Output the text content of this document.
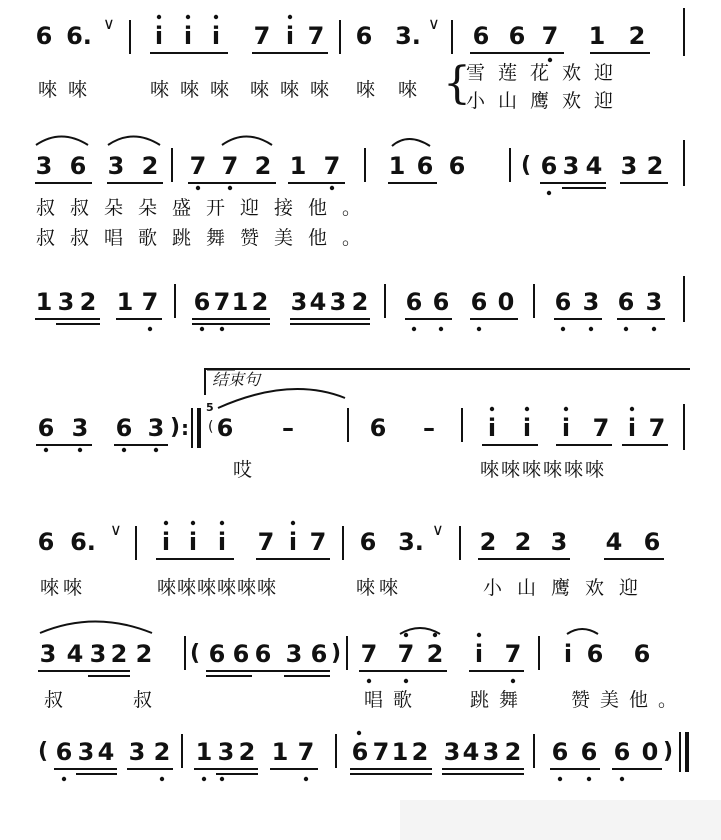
6 6. ∨ i i i 7 i 7 6 3. ∨ 6 6 7 1 2
唻唻	唻唻唻 唻唻唻 唻 唻 {
雪莲花欢迎
小山鹰欢迎
3 6 3 2 7 7 2 1 7 1 6 6	( 6 3 4 3 2
叔叔朵朵盛开迎接他。
叔叔唱歌跳舞赞美他。
1 3 2 1 7 6 7 1 2 3 4 3 2 6 6 6 0 6 3 6 3
结束句
6 3 6 3 ) :
5
( 6 –	6 – i i i 7 i 7
哎	唻唻唻唻唻唻
6 6. ∨ i i i 7 i 7 6 3. ∨ 2 2 3 4 6
唻唻	唻唻唻唻唻唻	唻唻	小山鹰欢迎
3 4 3 2 2 ( 6 6 6 3 6 ) 7 7 2 i 7 i 6 6
叔	叔	唱歌	跳舞 赞美他。
( 6 3 4 3 2 1 3 2 1 7 6 7 1 2 3 4 3 2 6 6 6 0 )
